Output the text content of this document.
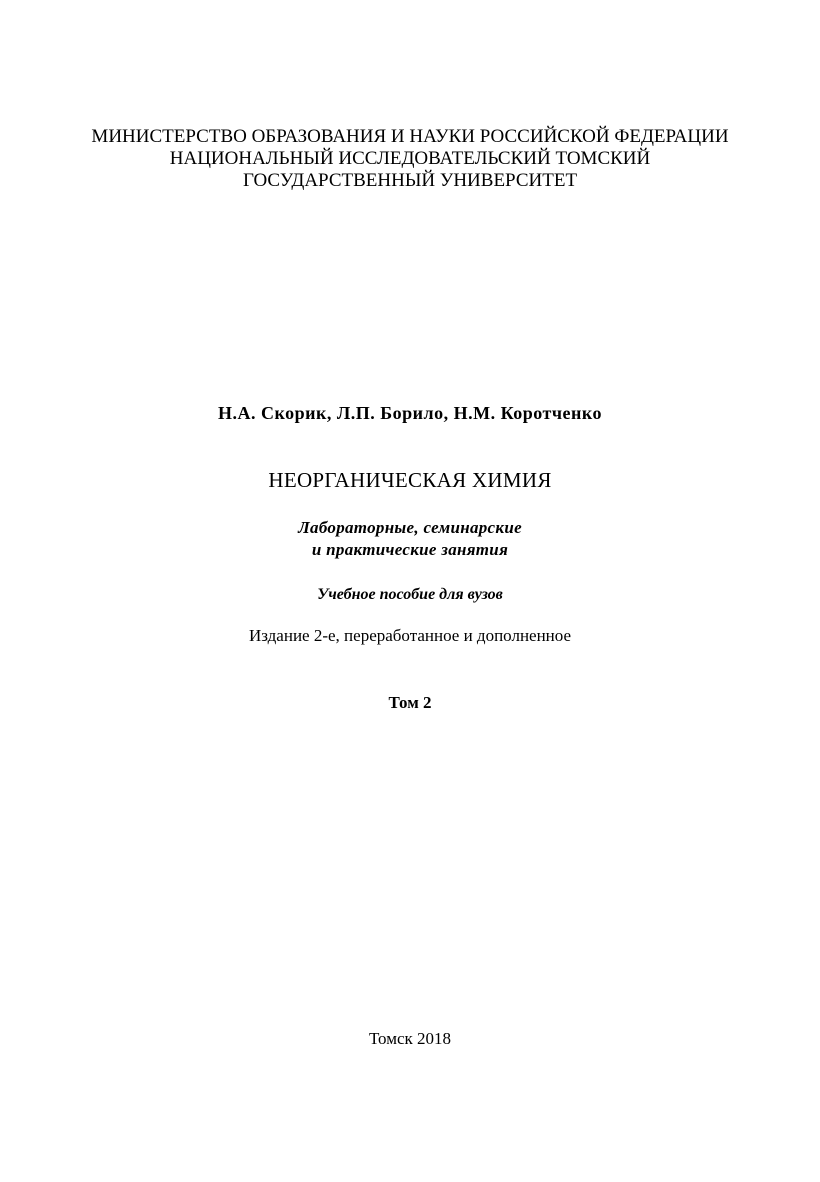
МИНИСТЕРСТВО ОБРАЗОВАНИЯ И НАУКИ РОССИЙСКОЙ ФЕДЕРАЦИИ
НАЦИОНАЛЬНЫЙ ИССЛЕДОВАТЕЛЬСКИЙ ТОМСКИЙ
ГОСУДАРСТВЕННЫЙ УНИВЕРСИТЕТ
Н.А. Скорик, Л.П. Борило, Н.М. Коротченко
НЕОРГАНИЧЕСКАЯ ХИМИЯ
Лабораторные, семинарские
и практические занятия
Учебное пособие для вузов
Издание 2-е, переработанное и дополненное
Том 2
Томск 2018
